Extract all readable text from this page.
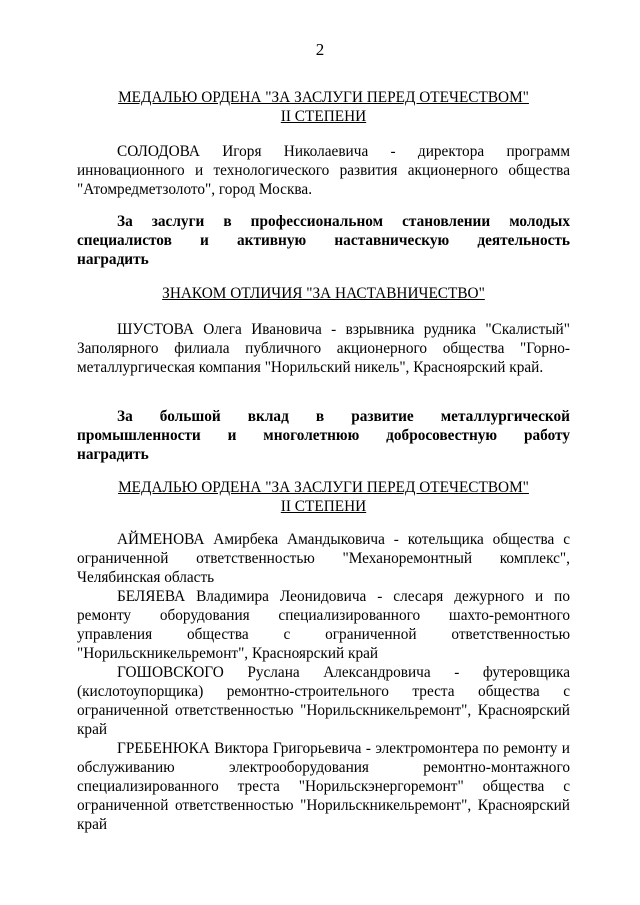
2

МЕДАЛЬЮ ОРДЕНА "ЗА ЗАСЛУГИ ПЕРЕД ОТЕЧЕСТВОМ"

II СТЕПЕНИ

СОЛОДОВА Игоря Николаевича - директора программ инновационного и технологического развития акционерного общества "Атомредметзолото", город Москва.

За заслуги в профессиональном становлении молодых

специалистов и активную наставническую деятельность

наградить

ЗНАКОМ ОТЛИЧИЯ "ЗА НАСТАВНИЧЕСТВО"

ШУСТОВА Олега Ивановича - взрывника рудника "Скалистый" Заполярного филиала публичного акционерного общества "Горно-металлургическая компания "Норильский никель", Красноярский край.

За большой вклад в развитие металлургической

промышленности и многолетнюю добросовестную работу

наградить

МЕДАЛЬЮ ОРДЕНА "ЗА ЗАСЛУГИ ПЕРЕД ОТЕЧЕСТВОМ"

II СТЕПЕНИ

АЙМЕНОВА Амирбека Амандыковича - котельщика общества с ограниченной ответственностью "Механоремонтный комплекс", Челябинская область

БЕЛЯЕВА Владимира Леонидовича - слесаря дежурного и по ремонту оборудования специализированного шахто-ремонтного управления общества с ограниченной ответственностью "Норильскникельремонт", Красноярский край

ГОШОВСКОГО Руслана Александровича - футеровщика (кислотоупорщика) ремонтно-строительного треста общества с ограниченной ответственностью "Норильскникельремонт", Красноярский край

ГРЕБЕНЮКА Виктора Григорьевича - электромонтера по ремонту и обслуживанию электрооборудования ремонтно-монтажного специализированного треста "Норильскэнергоремонт" общества с ограниченной ответственностью "Норильскникельремонт", Красноярский край
